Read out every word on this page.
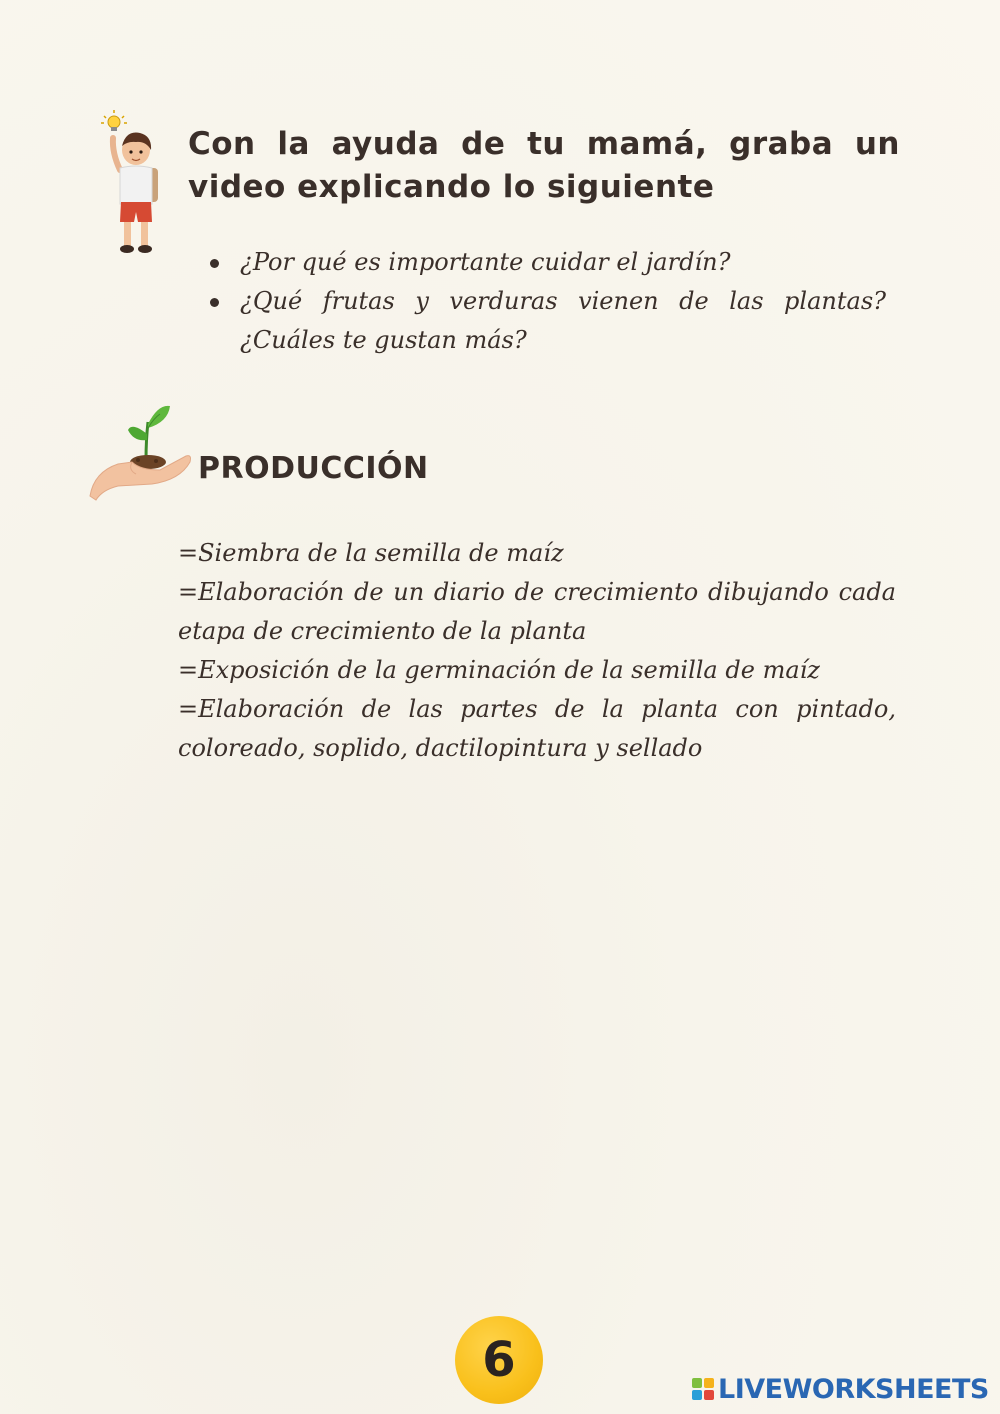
Con la ayuda de tu mamá, graba un video explicando lo siguiente
¿Por qué es importante cuidar el jardín?
¿Qué frutas y verduras vienen de las plantas? ¿Cuáles te gustan más?
PRODUCCIÓN

=Siembra de la semilla de maíz

=Elaboración de un diario de crecimiento dibujando cada etapa de crecimiento de la planta

=Exposición de la germinación de la semilla de maíz

=Elaboración de las partes de la planta con pintado, coloreado, soplido, dactilopintura y sellado

6
LIVEWORKSHEETS
